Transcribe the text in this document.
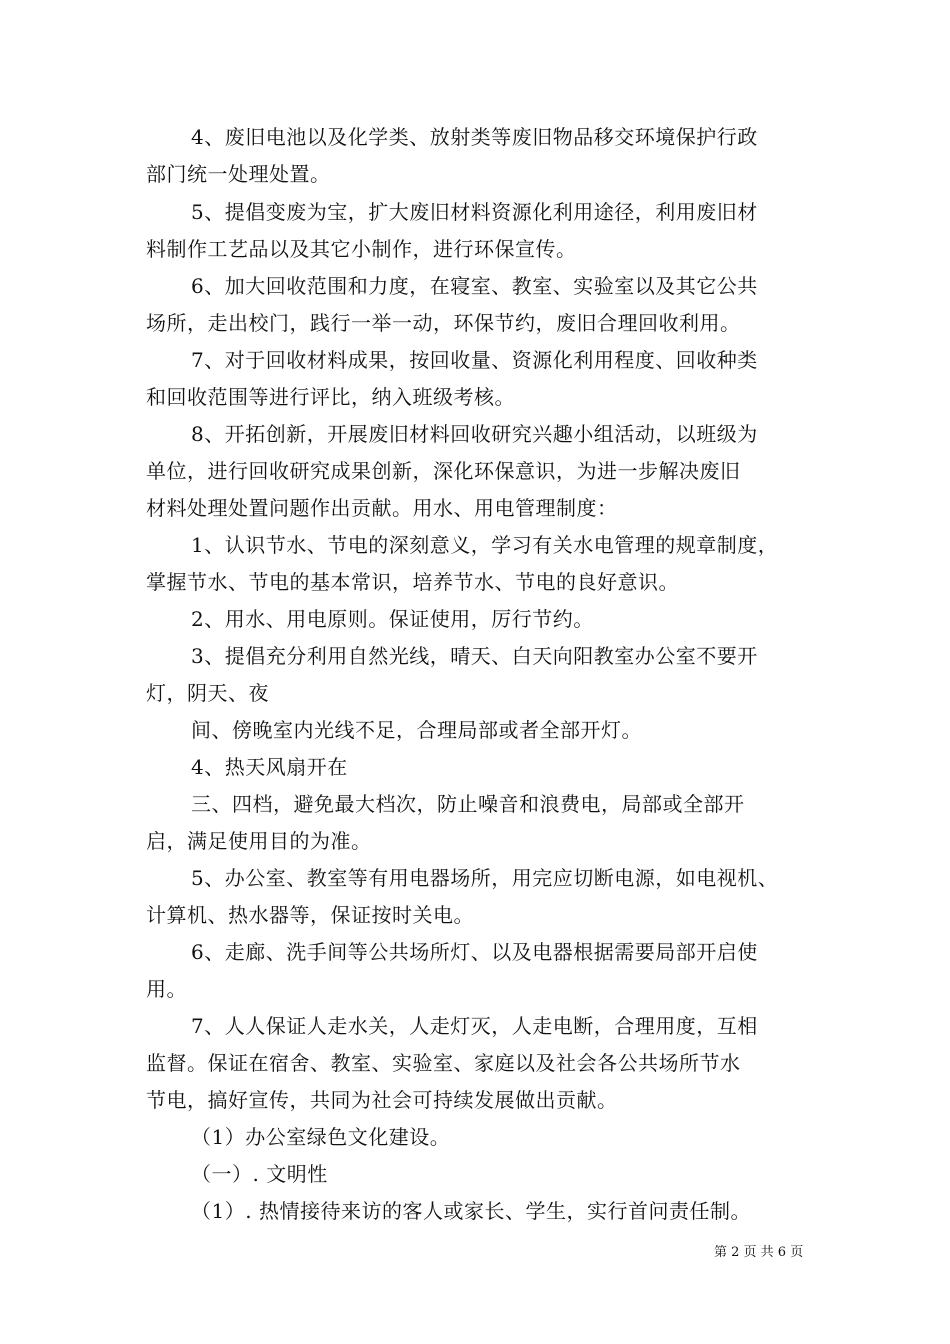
4、废旧电池以及化学类、放射类等废旧物品移交环境保护行政
部门统一处理处置。
5、提倡变废为宝，扩大废旧材料资源化利用途径，利用废旧材
料制作工艺品以及其它小制作，进行环保宣传。
6、加大回收范围和力度，在寝室、教室、实验室以及其它公共
场所，走出校门，践行一举一动，环保节约，废旧合理回收利用。
7、对于回收材料成果，按回收量、资源化利用程度、回收种类
和回收范围等进行评比，纳入班级考核。
8、开拓创新，开展废旧材料回收研究兴趣小组活动，以班级为
单位，进行回收研究成果创新，深化环保意识，为进一步解决废旧
材料处理处置问题作出贡献。用水、用电管理制度：
1、认识节水、节电的深刻意义，学习有关水电管理的规章制度，
掌握节水、节电的基本常识，培养节水、节电的良好意识。
2、用水、用电原则。保证使用，厉行节约。
3、提倡充分利用自然光线，晴天、白天向阳教室办公室不要开
灯，阴天、夜
间、傍晚室内光线不足，合理局部或者全部开灯。
4、热天风扇开在
三、四档，避免最大档次，防止噪音和浪费电，局部或全部开
启，满足使用目的为准。
5、办公室、教室等有用电器场所，用完应切断电源，如电视机、
计算机、热水器等，保证按时关电。
6、走廊、洗手间等公共场所灯、以及电器根据需要局部开启使
用。
7、人人保证人走水关，人走灯灭，人走电断，合理用度，互相
监督。保证在宿舍、教室、实验室、家庭以及社会各公共场所节水
节电，搞好宣传，共同为社会可持续发展做出贡献。
（1）办公室绿色文化建设。
（一）. 文明性
（1）. 热情接待来访的客人或家长、学生，实行首问责任制。
第 2 页 共 6 页
